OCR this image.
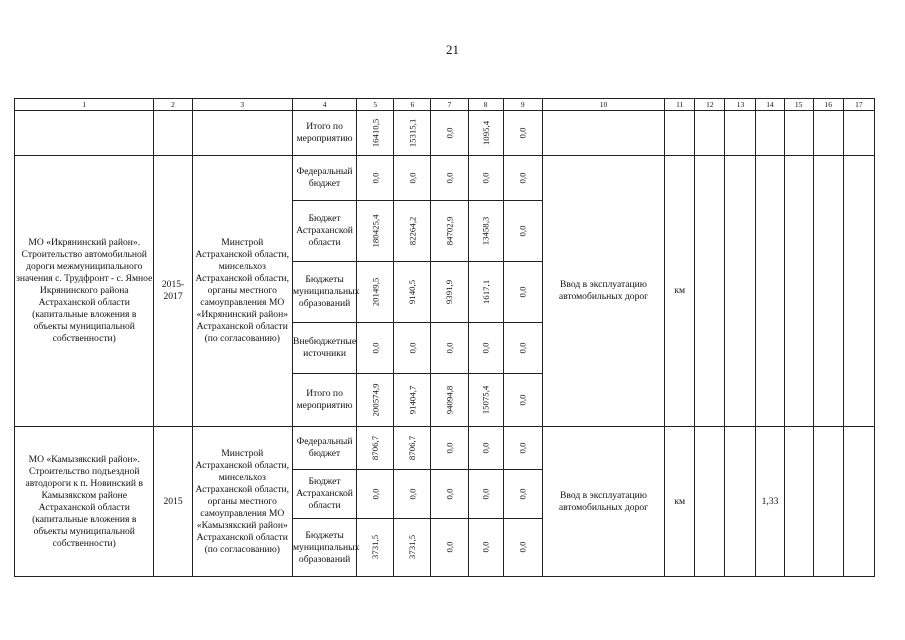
21
1	2	3	4	5	6	7	8	9	10	11	12	13	14	15	16	17
			Итого по мероприятию	16410,5	15315,1	0,0	1095,4	0,0								
МО «Икрянинский район». Строительство автомобильной дороги межмуниципального значения с. Трудфронт - с. Ямное Икрянинского района Астраханской области (капитальные вложения в объекты муниципальной собственности)	2015-2017	Минстрой Астраханской области, минсельхоз Астраханской области, органы местного самоуправления МО «Икрянинский район» Астраханской области (по согласованию)	Федеральный бюджет	0,0	0,0	0,0	0,0	0,0	Ввод в эксплуатацию автомобильных дорог	км						
			Бюджет Астраханской области	180425,4	82264,2	84702,9	13458,3	0,0								
			Бюджеты муниципальных образований	20149,5	9140,5	9391,9	1617,1	0,0								
			Внебюджетные источники	0,0	0,0	0,0	0,0	0,0								
			Итого по мероприятию	200574,9	91404,7	94094,8	15075,4	0,0								
МО «Камызякский район». Строительство подъездной автодороги к п. Новинский в Камызякском районе Астраханской области (капитальные вложения в объекты муниципальной собственности)	2015	Минстрой Астраханской области, минсельхоз Астраханской области, органы местного самоуправления МО «Камызякский район» Астраханской области (по согласованию)	Федеральный бюджет	8706,7	8706,7	0,0	0,0	0,0	Ввод в эксплуатацию автомобильных дорог	км			1,33			
			Бюджет Астраханской области	0,0	0,0	0,0	0,0	0,0								
			Бюджеты муниципальных образований	3731,5	3731,5	0,0	0,0	0,0								
